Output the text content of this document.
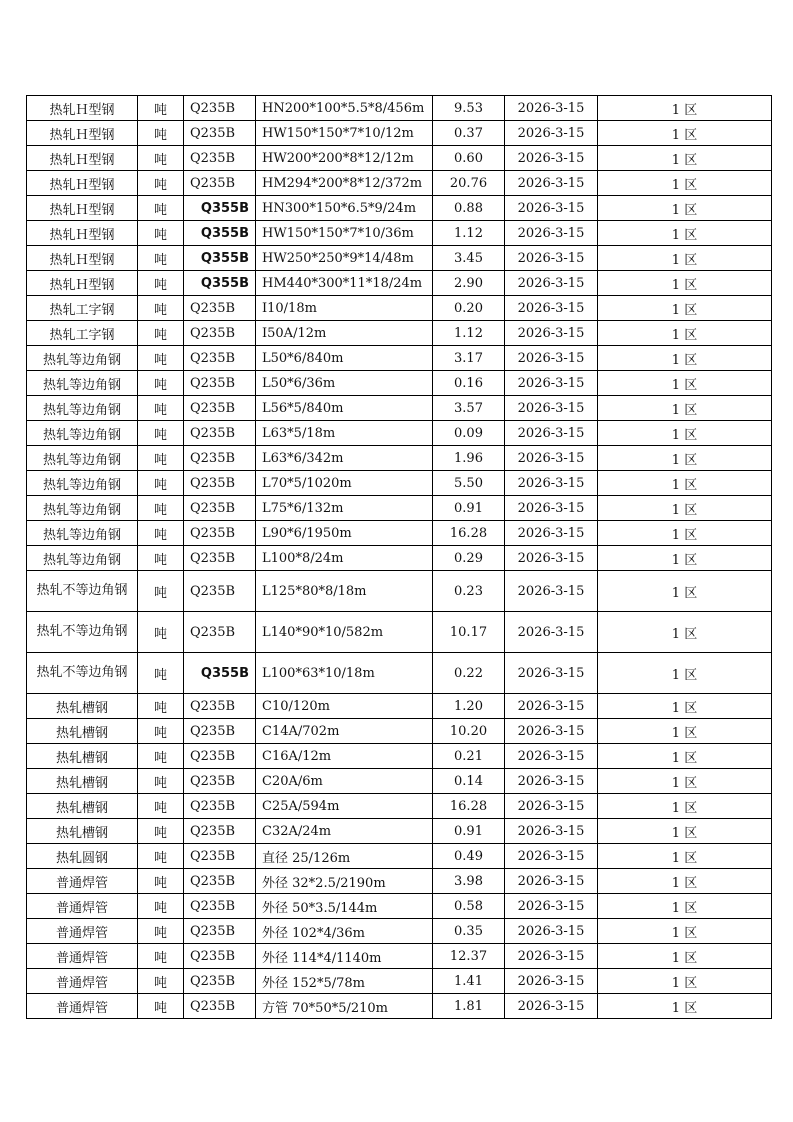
热轧Ｈ型钢	吨	Q235B	HN200*100*5.5*8/456m	9.53	2026-3-15	1 区
热轧Ｈ型钢	吨	Q235B	HW150*150*7*10/12m	0.37	2026-3-15	1 区
热轧Ｈ型钢	吨	Q235B	HW200*200*8*12/12m	0.60	2026-3-15	1 区
热轧Ｈ型钢	吨	Q235B	HM294*200*8*12/372m	20.76	2026-3-15	1 区
热轧Ｈ型钢	吨	Q355B	HN300*150*6.5*9/24m	0.88	2026-3-15	1 区
热轧Ｈ型钢	吨	Q355B	HW150*150*7*10/36m	1.12	2026-3-15	1 区
热轧Ｈ型钢	吨	Q355B	HW250*250*9*14/48m	3.45	2026-3-15	1 区
热轧Ｈ型钢	吨	Q355B	HM440*300*11*18/24m	2.90	2026-3-15	1 区
热轧工字钢	吨	Q235B	I10/18m	0.20	2026-3-15	1 区
热轧工字钢	吨	Q235B	I50A/12m	1.12	2026-3-15	1 区
热轧等边角钢	吨	Q235B	L50*6/840m	3.17	2026-3-15	1 区
热轧等边角钢	吨	Q235B	L50*6/36m	0.16	2026-3-15	1 区
热轧等边角钢	吨	Q235B	L56*5/840m	3.57	2026-3-15	1 区
热轧等边角钢	吨	Q235B	L63*5/18m	0.09	2026-3-15	1 区
热轧等边角钢	吨	Q235B	L63*6/342m	1.96	2026-3-15	1 区
热轧等边角钢	吨	Q235B	L70*5/1020m	5.50	2026-3-15	1 区
热轧等边角钢	吨	Q235B	L75*6/132m	0.91	2026-3-15	1 区
热轧等边角钢	吨	Q235B	L90*6/1950m	16.28	2026-3-15	1 区
热轧等边角钢	吨	Q235B	L100*8/24m	0.29	2026-3-15	1 区
热轧不等边角钢	吨	Q235B	L125*80*8/18m	0.23	2026-3-15	1 区
热轧不等边角钢	吨	Q235B	L140*90*10/582m	10.17	2026-3-15	1 区
热轧不等边角钢	吨	Q355B	L100*63*10/18m	0.22	2026-3-15	1 区
热轧槽钢	吨	Q235B	C10/120m	1.20	2026-3-15	1 区
热轧槽钢	吨	Q235B	C14A/702m	10.20	2026-3-15	1 区
热轧槽钢	吨	Q235B	C16A/12m	0.21	2026-3-15	1 区
热轧槽钢	吨	Q235B	C20A/6m	0.14	2026-3-15	1 区
热轧槽钢	吨	Q235B	C25A/594m	16.28	2026-3-15	1 区
热轧槽钢	吨	Q235B	C32A/24m	0.91	2026-3-15	1 区
热轧圆钢	吨	Q235B	直径 25/126m	0.49	2026-3-15	1 区
普通焊管	吨	Q235B	外径 32*2.5/2190m	3.98	2026-3-15	1 区
普通焊管	吨	Q235B	外径 50*3.5/144m	0.58	2026-3-15	1 区
普通焊管	吨	Q235B	外径 102*4/36m	0.35	2026-3-15	1 区
普通焊管	吨	Q235B	外径 114*4/1140m	12.37	2026-3-15	1 区
普通焊管	吨	Q235B	外径 152*5/78m	1.41	2026-3-15	1 区
普通焊管	吨	Q235B	方管 70*50*5/210m	1.81	2026-3-15	1 区
